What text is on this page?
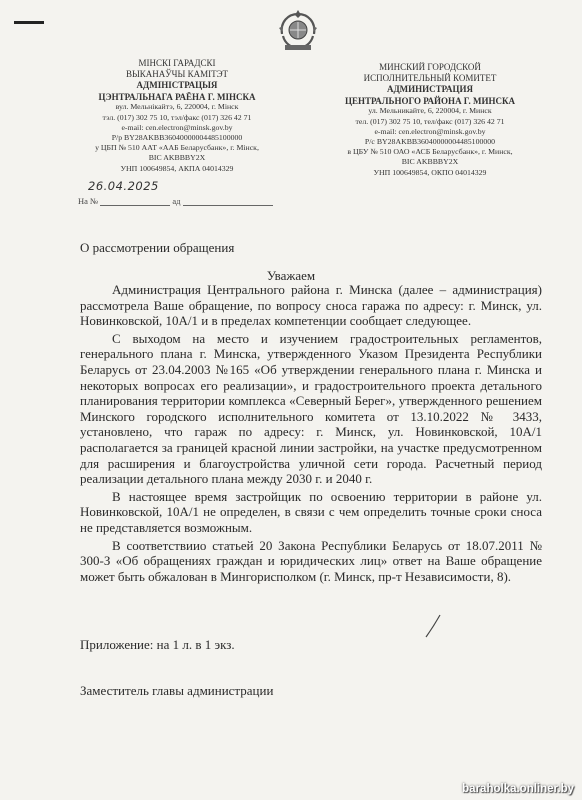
МІНСКІ ГАРАДСКІ
ВЫКАНАЎЧЫ КАМІТЭТ
АДМІНІСТРАЦЫЯ
ЦЭНТРАЛЬНАГА РАЁНА Г. МІНСКА
вул. Мельнікайтэ, 6, 220004, г. Мінск
тэл. (017) 302 75 10, тэл/факс (017) 326 42 71
e-mail: cen.electron@minsk.gov.by
Р/р BY28AKBB36040000004485100000
у ЦБП № 510 ААТ «ААБ Беларусбанк», г. Мінск,
BIC AKBBBY2X
УНП 100649854, АКПА 04014329
МИНСКИЙ ГОРОДСКОЙ
ИСПОЛНИТЕЛЬНЫЙ КОМИТЕТ
АДМИНИСТРАЦИЯ
ЦЕНТРАЛЬНОГО РАЙОНА Г. МИНСКА
ул. Мельникайте, 6, 220004, г. Минск
тел. (017) 302 75 10, тел/факс (017) 326 42 71
e-mail: cen.electron@minsk.gov.by
Р/с BY28AKBB36040000004485100000
в ЦБУ № 510 ОАО «АСБ Беларусбанк», г. Минск,
BIC AKBBBY2X
УНП 100649854, ОКПО 04014329
26.04.2025
На №	ад
О рассмотрении обращения
Уважаем

Администрация Центрального района г. Минска (далее – администрация) рассмотрела Ваше обращение, по вопросу сноса гаража по адресу: г. Минск, ул. Новинковской, 10А/1 и в пределах компетенции сообщает следующее.

С выходом на место и изучением градостроительных регламентов, генерального плана г. Минска, утвержденного Указом Президента Республики Беларусь от 23.04.2003 №165 «Об утверждении генерального плана г. Минска и некоторых вопросах его реализации», и градостроительного проекта детального планирования территории комплекса «Северный Берег», утвержденного решением Минского городского исполнительного комитета от 13.10.2022 № 3433, установлено, что гараж по адресу: г. Минск, ул. Новинковской, 10А/1 располагается за границей красной линии застройки, на участке предусмотренном для расширения и благоустройства уличной сети города. Расчетный период реализации детального плана между 2030 г. и 2040 г.

В настоящее время застройщик по освоению территории в районе ул. Новинковской, 10А/1 не определен, в связи с чем определить точные сроки сноса не представляется возможным.

В соответствиио статьей 20 Закона Республики Беларусь от 18.07.2011 № 300-З «Об обращениях граждан и юридических лиц» ответ на Ваше обращение может быть обжалован в Мингорисполком (г. Минск, пр-т Независимости, 8).

Приложение: на 1 л. в 1 экз.
Заместитель главы администрации
baraholka.onliner.by
